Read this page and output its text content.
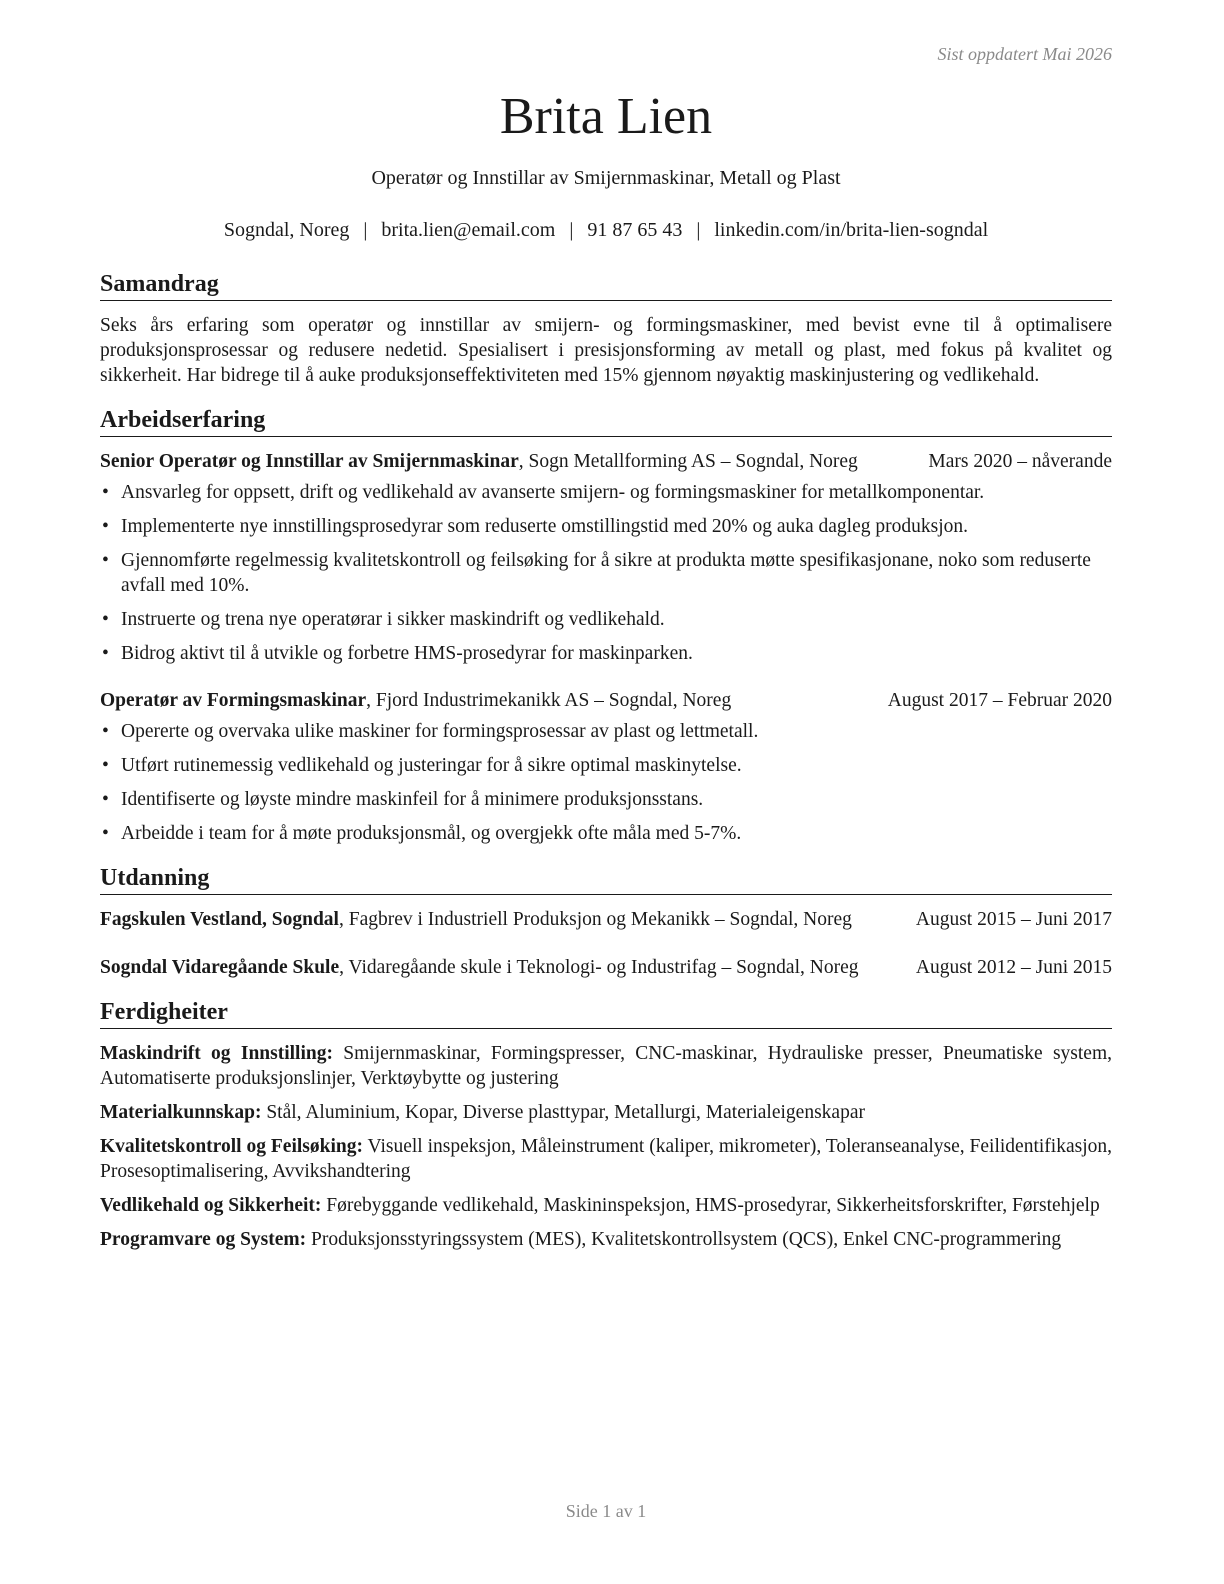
Sist oppdatert Mai 2026
Brita Lien
Operatør og Innstillar av Smijernmaskinar, Metall og Plast
Sogndal, Noreg | brita.lien@email.com | 91 87 65 43 | linkedin.com/in/brita-lien-sogndal
Samandrag

Seks års erfaring som operatør og innstillar av smijern- og formingsmaskiner, med bevist evne til å optimalisere produksjonsprosessar og redusere nedetid. Spesialisert i presisjonsforming av metall og plast, med fokus på kvalitet og sikkerheit. Har bidrege til å auke produksjonseffektiviteten med 15% gjennom nøyaktig maskinjustering og vedlikehald.

Arbeidserfaring
Senior Operatør og Innstillar av Smijernmaskinar, Sogn Metallforming AS – Sogndal, Noreg	Mars 2020 – nåverande
• Ansvarleg for oppsett, drift og vedlikehald av avanserte smijern- og formingsmaskiner for metallkomponentar.
• Implementerte nye innstillingsprosedyrar som reduserte omstillingstid med 20% og auka dagleg produksjon.
• Gjennomførte regelmessig kvalitetskontroll og feilsøking for å sikre at produkta møtte spesifikasjonane, noko som reduserte avfall med 10%.
• Instruerte og trena nye operatørar i sikker maskindrift og vedlikehald.
• Bidrog aktivt til å utvikle og forbetre HMS-prosedyrar for maskinparken.
Operatør av Formingsmaskinar, Fjord Industrimekanikk AS – Sogndal, Noreg	August 2017 – Februar 2020
• Opererte og overvaka ulike maskiner for formingsprosessar av plast og lettmetall.
• Utført rutinemessig vedlikehald og justeringar for å sikre optimal maskinytelse.
• Identifiserte og løyste mindre maskinfeil for å minimere produksjonsstans.
• Arbeidde i team for å møte produksjonsmål, og overgjekk ofte måla med 5-7%.
Utdanning
Fagskulen Vestland, Sogndal, Fagbrev i Industriell Produksjon og Mekanikk – Sogndal, Noreg	August 2015 – Juni 2017
Sogndal Vidaregåande Skule, Vidaregåande skule i Teknologi- og Industrifag – Sogndal, Noreg	August 2012 – Juni 2015
Ferdigheiter
Maskindrift og Innstilling: Smijernmaskinar, Formingspresser, CNC-maskinar, Hydrauliske presser, Pneumatiske system, Automatiserte produksjonslinjer, Verktøybytte og justering
Materialkunnskap: Stål, Aluminium, Kopar, Diverse plasttypar, Metallurgi, Materialeigenskapar
Kvalitetskontroll og Feilsøking: Visuell inspeksjon, Måleinstrument (kaliper, mikrometer), Toleranseanalyse, Feilidentifikasjon, Prosesoptimalisering, Avvikshandtering
Vedlikehald og Sikkerheit: Førebyggande vedlikehald, Maskininspeksjon, HMS-prosedyrar, Sikkerheitsforskrifter, Førstehjelp
Programvare og System: Produksjonsstyringssystem (MES), Kvalitetskontrollsystem (QCS), Enkel CNC-programmering
Side 1 av 1
